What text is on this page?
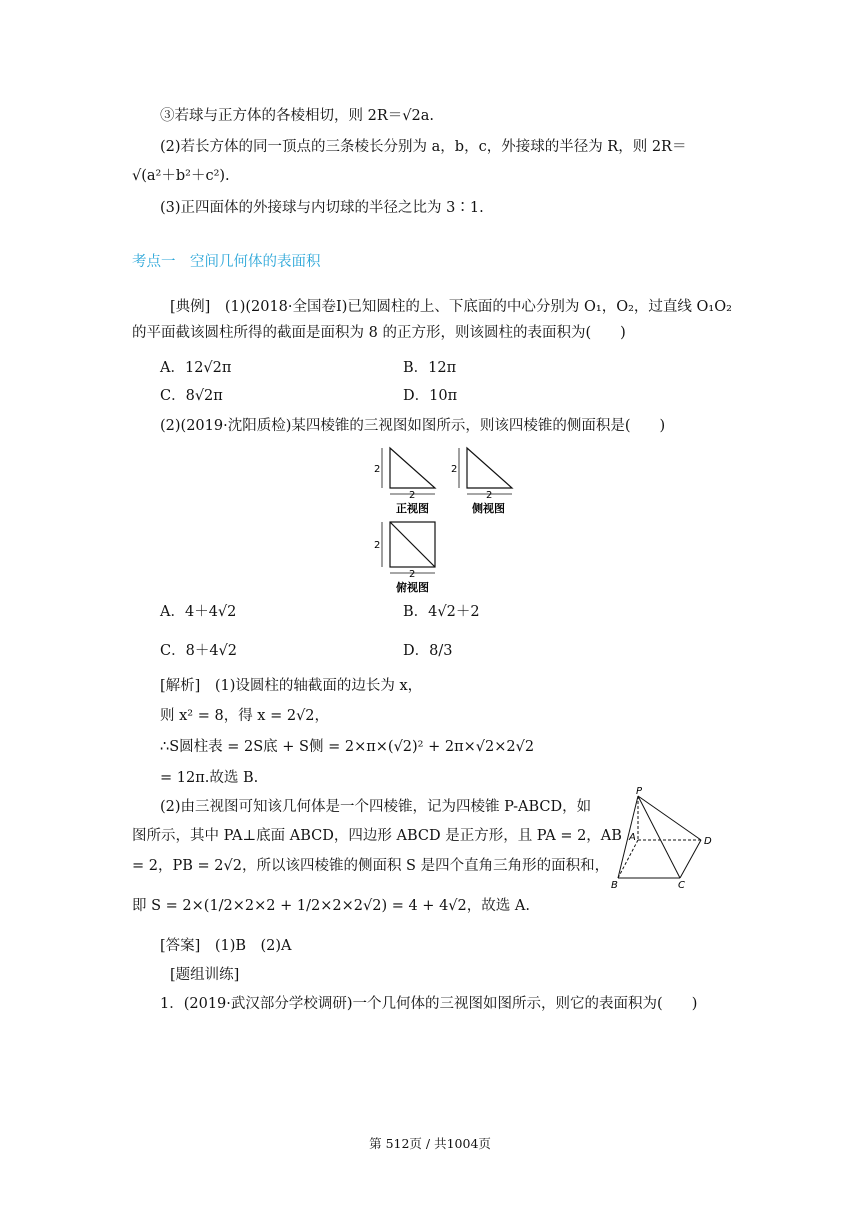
③若球与正方体的各棱相切，则 2R＝√2a.
(2)若长方体的同一顶点的三条棱长分别为 a，b，c，外接球的半径为 R，则 2R＝
√(a²＋b²＋c²).
(3)正四面体的外接球与内切球的半径之比为 3∶1.
考点一　空间几何体的表面积
[典例]　(1)(2018·全国卷Ⅰ)已知圆柱的上、下底面的中心分别为 O₁，O₂，过直线 O₁O₂
的平面截该圆柱所得的截面是面积为 8 的正方形，则该圆柱的表面积为(　　)
A．12√2π	B．12π
C．8√2π	D．10π
(2)(2019·沈阳质检)某四棱锥的三视图如图所示，则该四棱锥的侧面积是(　　)
2
2
正视图
2
2
侧视图
2
2
俯视图
A．4＋4√2	B．4√2＋2
C．8＋4√2	D．8/3
[解析]　(1)设圆柱的轴截面的边长为 x，
则 x² = 8，得 x = 2√2，
∴S圆柱表 = 2S底 + S侧 = 2×π×(√2)² + 2π×√2×2√2
= 12π.故选 B.
(2)由三视图可知该几何体是一个四棱锥，记为四棱锥 P-ABCD，如
图所示，其中 PA⊥底面 ABCD，四边形 ABCD 是正方形，且 PA = 2，AB
= 2，PB = 2√2，所以该四棱锥的侧面积 S 是四个直角三角形的面积和，
即 S = 2×(1/2×2×2 + 1/2×2×2√2) = 4 + 4√2，故选 A.
P
A
B	C
D
[答案]　(1)B　(2)A
[题组训练]
1．(2019·武汉部分学校调研)一个几何体的三视图如图所示，则它的表面积为(　　)
第 512页 / 共1004页
